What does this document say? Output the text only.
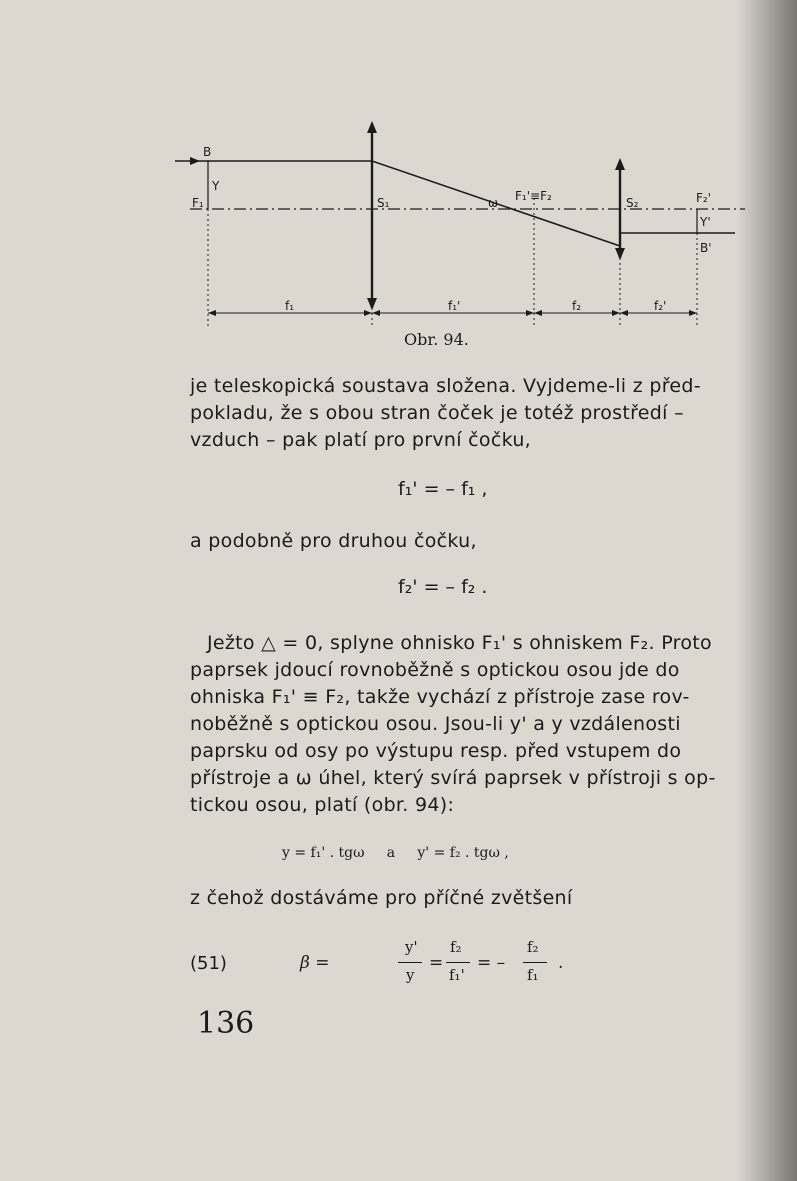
B
Y
F₁	S₁	ω F₁'≡F₂	S₂	F₂'
Y'
B'
f₁	f₁'	f₂	f₂'
Obr. 94.
je teleskopická soustava složena. Vyjdeme-li z před-
pokladu, že s obou stran čoček je totéž prostředí –
vzduch – pak platí pro první čočku,
f₁' = – f₁ ,
a podobně pro druhou čočku,
f₂' = – f₂ .
Ježto △ = 0, splyne ohnisko F₁' s ohniskem F₂. Proto
paprsek jdoucí rovnoběžně s optickou osou jde do
ohniska F₁' ≡ F₂, takže vychází z přístroje zase rov-
noběžně s optickou osou. Jsou-li y' a y vzdálenosti
paprsku od osy po výstupu resp. před vstupem do
přístroje a ω úhel, který svírá paprsek v přístroji s op-
tickou osou, platí (obr. 94):
y = f₁' . tgω     a     y' = f₂ . tgω ,
z čehož dostáváme pro příčné zvětšení
(51)	β =
y'
y
=
f₂
f₁'
= –
f₂
f₁
.
136
